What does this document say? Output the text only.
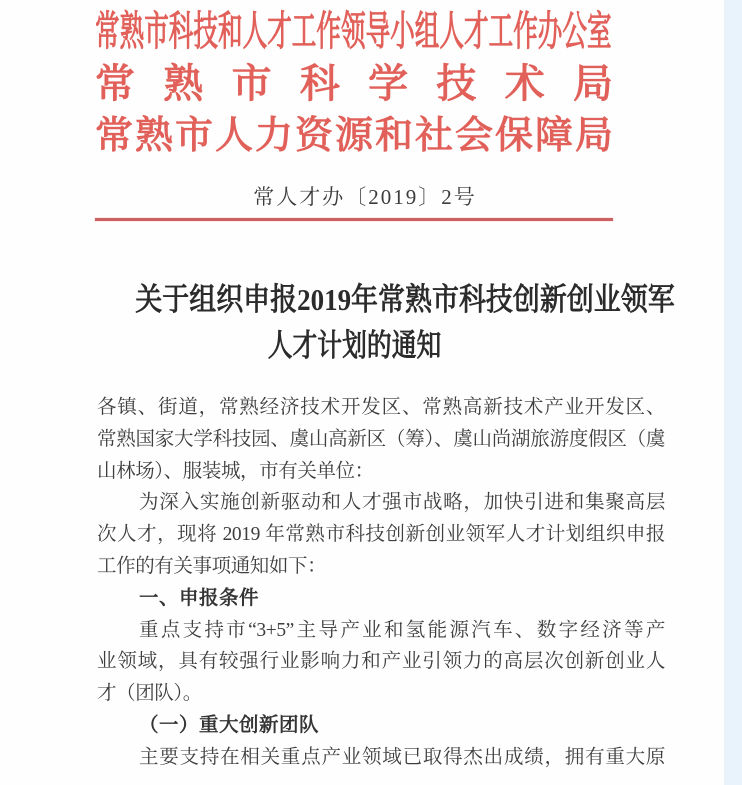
常熟市科技和人才工作领导小组人才工作办公室
常熟市科学技术局
常熟市人力资源和社会保障局
常人才办〔2019〕2号
关于组织申报2019年常熟市科技创新创业领军
人才计划的通知
各镇、街道，常熟经济技术开发区、常熟高新技术产业开发区、
常熟国家大学科技园、虞山高新区（筹）、虞山尚湖旅游度假区（虞
山林场）、服装城，市有关单位：
为深入实施创新驱动和人才强市战略，加快引进和集聚高层
次人才，现将 2019 年常熟市科技创新创业领军人才计划组织申报
工作的有关事项通知如下：
一、申报条件
重点支持市“3+5”主导产业和氢能源汽车、数字经济等产
业领域，具有较强行业影响力和产业引领力的高层次创新创业人
才（团队）。
（一）重大创新团队
主要支持在相关重点产业领域已取得杰出成绩，拥有重大原
